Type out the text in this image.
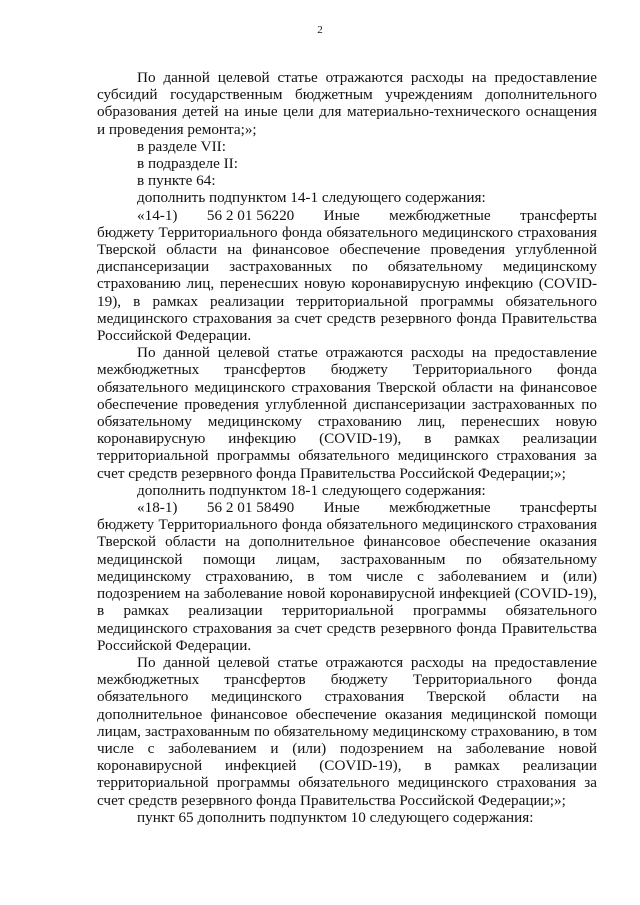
2

По данной целевой статье отражаются расходы на предоставление субсидий государственным бюджетным учреждениям дополнительного образования детей на иные цели для материально-технического оснащения и проведения ремонта;»;

в разделе VII:

в подразделе II:

в пункте 64:

дополнить подпунктом 14-1 следующего содержания:

«14-1) 56 2 01 56220 Иные межбюджетные трансферты
бюджету Территориального фонда обязательного медицинского страхования Тверской области на финансовое обеспечение проведения углубленной диспансеризации застрахованных по обязательному медицинскому страхованию лиц, перенесших новую коронавирусную инфекцию (COVID-19), в рамках реализации территориальной программы обязательного медицинского страхования за счет средств резервного фонда Правительства Российской Федерации.

По данной целевой статье отражаются расходы на предоставление межбюджетных трансфертов бюджету Территориального фонда обязательного медицинского страхования Тверской области на финансовое обеспечение проведения углубленной диспансеризации застрахованных по обязательному медицинскому страхованию лиц, перенесших новую коронавирусную инфекцию (COVID-19), в рамках реализации территориальной программы обязательного медицинского страхования за счет средств резервного фонда Правительства Российской Федерации;»;

дополнить подпунктом 18-1 следующего содержания:

«18-1) 56 2 01 58490 Иные межбюджетные трансферты
бюджету Территориального фонда обязательного медицинского страхования Тверской области на дополнительное финансовое обеспечение оказания медицинской помощи лицам, застрахованным по обязательному медицинскому страхованию, в том числе с заболеванием и (или) подозрением на заболевание новой коронавирусной инфекцией (COVID-19), в рамках реализации территориальной программы обязательного медицинского страхования за счет средств резервного фонда Правительства Российской Федерации.

По данной целевой статье отражаются расходы на предоставление межбюджетных трансфертов бюджету Территориального фонда обязательного медицинского страхования Тверской области на дополнительное финансовое обеспечение оказания медицинской помощи лицам, застрахованным по обязательному медицинскому страхованию, в том числе с заболеванием и (или) подозрением на заболевание новой коронавирусной инфекцией (COVID-19), в рамках реализации территориальной программы обязательного медицинского страхования за счет средств резервного фонда Правительства Российской Федерации;»;

пункт 65 дополнить подпунктом 10 следующего содержания:
